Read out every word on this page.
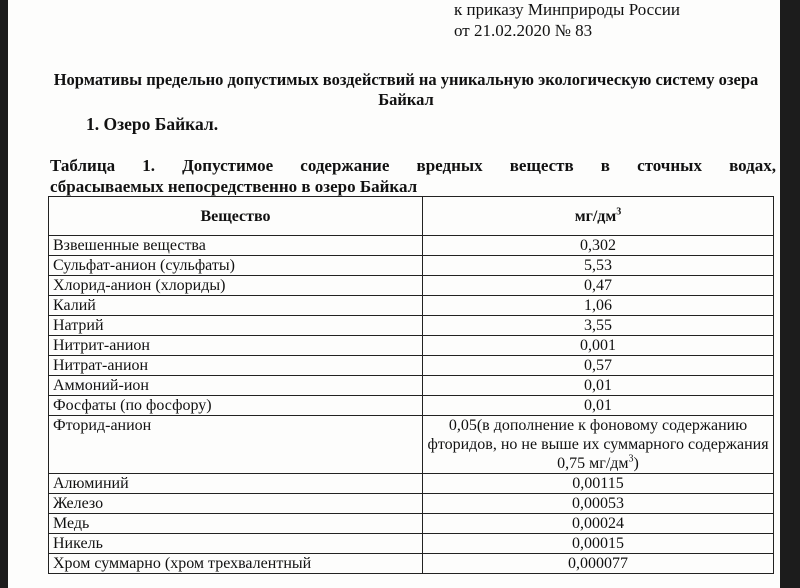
к приказу Минприроды России
от 21.02.2020 № 83
Нормативы предельно допустимых воздействий на уникальную экологическую систему озера Байкал
1. Озеро Байкал.
Таблица 1. Допустимое содержание вредных веществ в сточных водах,
сбрасываемых непосредственно в озеро Байкал
Вещество	$мг/дм^3$
Взвешенные вещества	0,302
Сульфат-анион (сульфаты)	5,53
Хлорид-анион (хлориды)	0,47
Калий	1,06
Натрий	3,55
Нитрит-анион	0,001
Нитрат-анион	0,57
Аммоний-ион	0,01
Фосфаты (по фосфору)	0,01
Фторид-анион	0,05(в дополнение к фоновому содержанию фторидов, но не выше их суммарного содержания 0,75 $мг/дм^3$)
Алюминий	0,00115
Железо	0,00053
Медь	0,00024
Никель	0,00015
Хром суммарно (хром трехвалентный	0,000077
